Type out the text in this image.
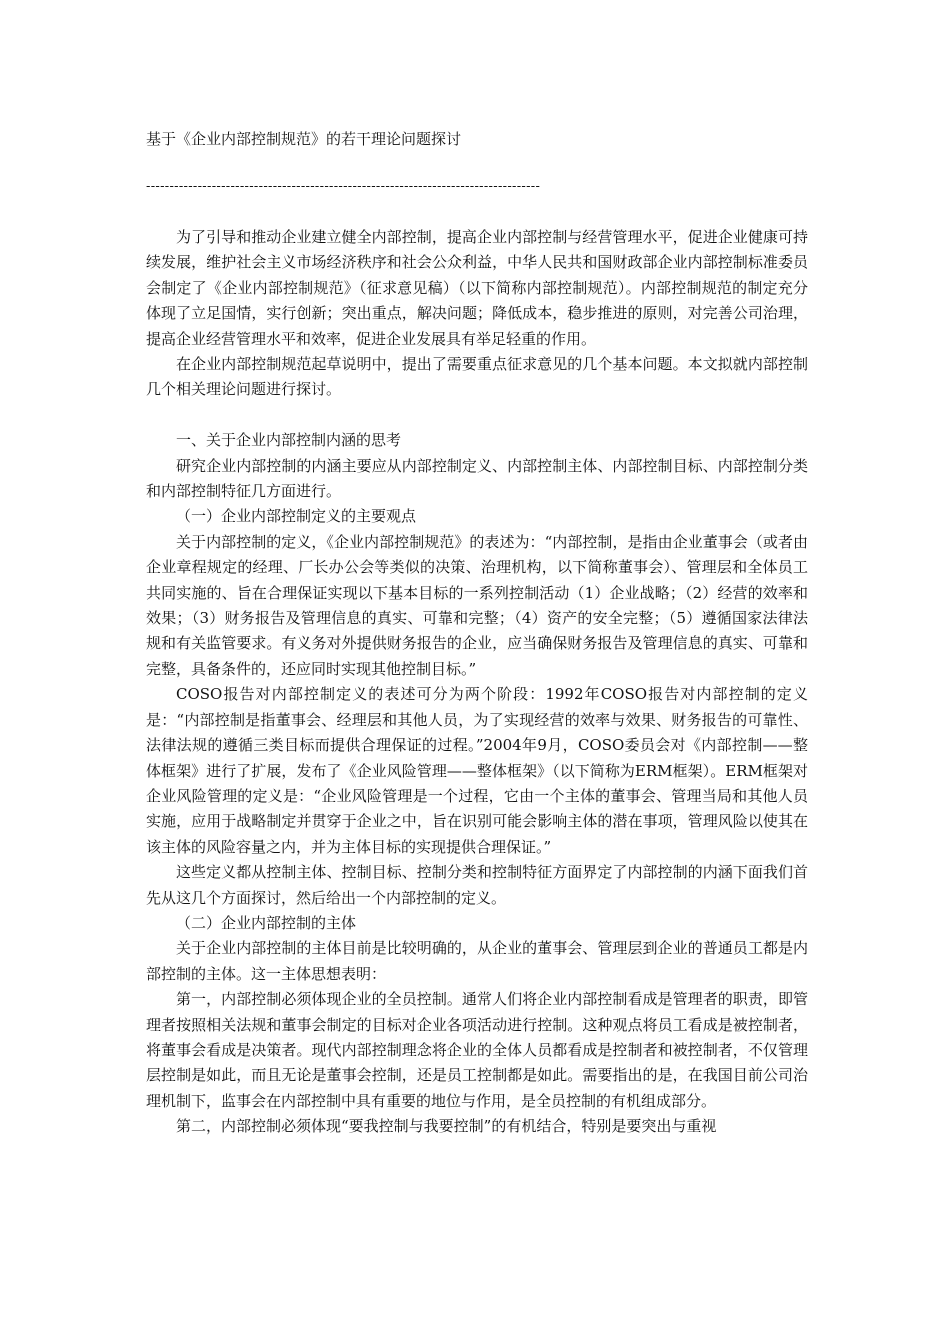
基于《企业内部控制规范》的若干理论问题探讨
------------------------------------------------------------------------------------

为了引导和推动企业建立健全内部控制，提高企业内部控制与经营管理水平，促进企业健康可持续发展，维护社会主义市场经济秩序和社会公众利益，中华人民共和国财政部企业内部控制标准委员会制定了《企业内部控制规范》（征求意见稿）（以下简称内部控制规范）。内部控制规范的制定充分体现了立足国情，实行创新；突出重点，解决问题；降低成本，稳步推进的原则，对完善公司治理，提高企业经营管理水平和效率，促进企业发展具有举足轻重的作用。

在企业内部控制规范起草说明中，提出了需要重点征求意见的几个基本问题。本文拟就内部控制几个相关理论问题进行探讨。

一、关于企业内部控制内涵的思考

研究企业内部控制的内涵主要应从内部控制定义、内部控制主体、内部控制目标、内部控制分类和内部控制特征几方面进行。

（一）企业内部控制定义的主要观点

关于内部控制的定义，《企业内部控制规范》的表述为：“内部控制，是指由企业董事会（或者由企业章程规定的经理、厂长办公会等类似的决策、治理机构，以下简称董事会）、管理层和全体员工共同实施的、旨在合理保证实现以下基本目标的一系列控制活动（1）企业战略；（2）经营的效率和效果；（3）财务报告及管理信息的真实、可靠和完整；（4）资产的安全完整；（5）遵循国家法律法规和有关监管要求。有义务对外提供财务报告的企业，应当确保财务报告及管理信息的真实、可靠和完整，具备条件的，还应同时实现其他控制目标。”

COSO报告对内部控制定义的表述可分为两个阶段：1992年COSO报告对内部控制的定义是：“内部控制是指董事会、经理层和其他人员，为了实现经营的效率与效果、财务报告的可靠性、法律法规的遵循三类目标而提供合理保证的过程。”2004年9月，COSO委员会对《内部控制——整体框架》进行了扩展，发布了《企业风险管理——整体框架》（以下简称为ERM框架）。ERM框架对企业风险管理的定义是：“企业风险管理是一个过程，它由一个主体的董事会、管理当局和其他人员实施，应用于战略制定并贯穿于企业之中，旨在识别可能会影响主体的潜在事项，管理风险以使其在该主体的风险容量之内，并为主体目标的实现提供合理保证。”

这些定义都从控制主体、控制目标、控制分类和控制特征方面界定了内部控制的内涵下面我们首先从这几个方面探讨，然后给出一个内部控制的定义。

（二）企业内部控制的主体

关于企业内部控制的主体目前是比较明确的，从企业的董事会、管理层到企业的普通员工都是内部控制的主体。这一主体思想表明：

第一，内部控制必须体现企业的全员控制。通常人们将企业内部控制看成是管理者的职责，即管理者按照相关法规和董事会制定的目标对企业各项活动进行控制。这种观点将员工看成是被控制者，将董事会看成是决策者。现代内部控制理念将企业的全体人员都看成是控制者和被控制者，不仅管理层控制是如此，而且无论是董事会控制，还是员工控制都是如此。需要指出的是，在我国目前公司治理机制下，监事会在内部控制中具有重要的地位与作用，是全员控制的有机组成部分。

第二，内部控制必须体现“要我控制与我要控制”的有机结合，特别是要突出与重视
